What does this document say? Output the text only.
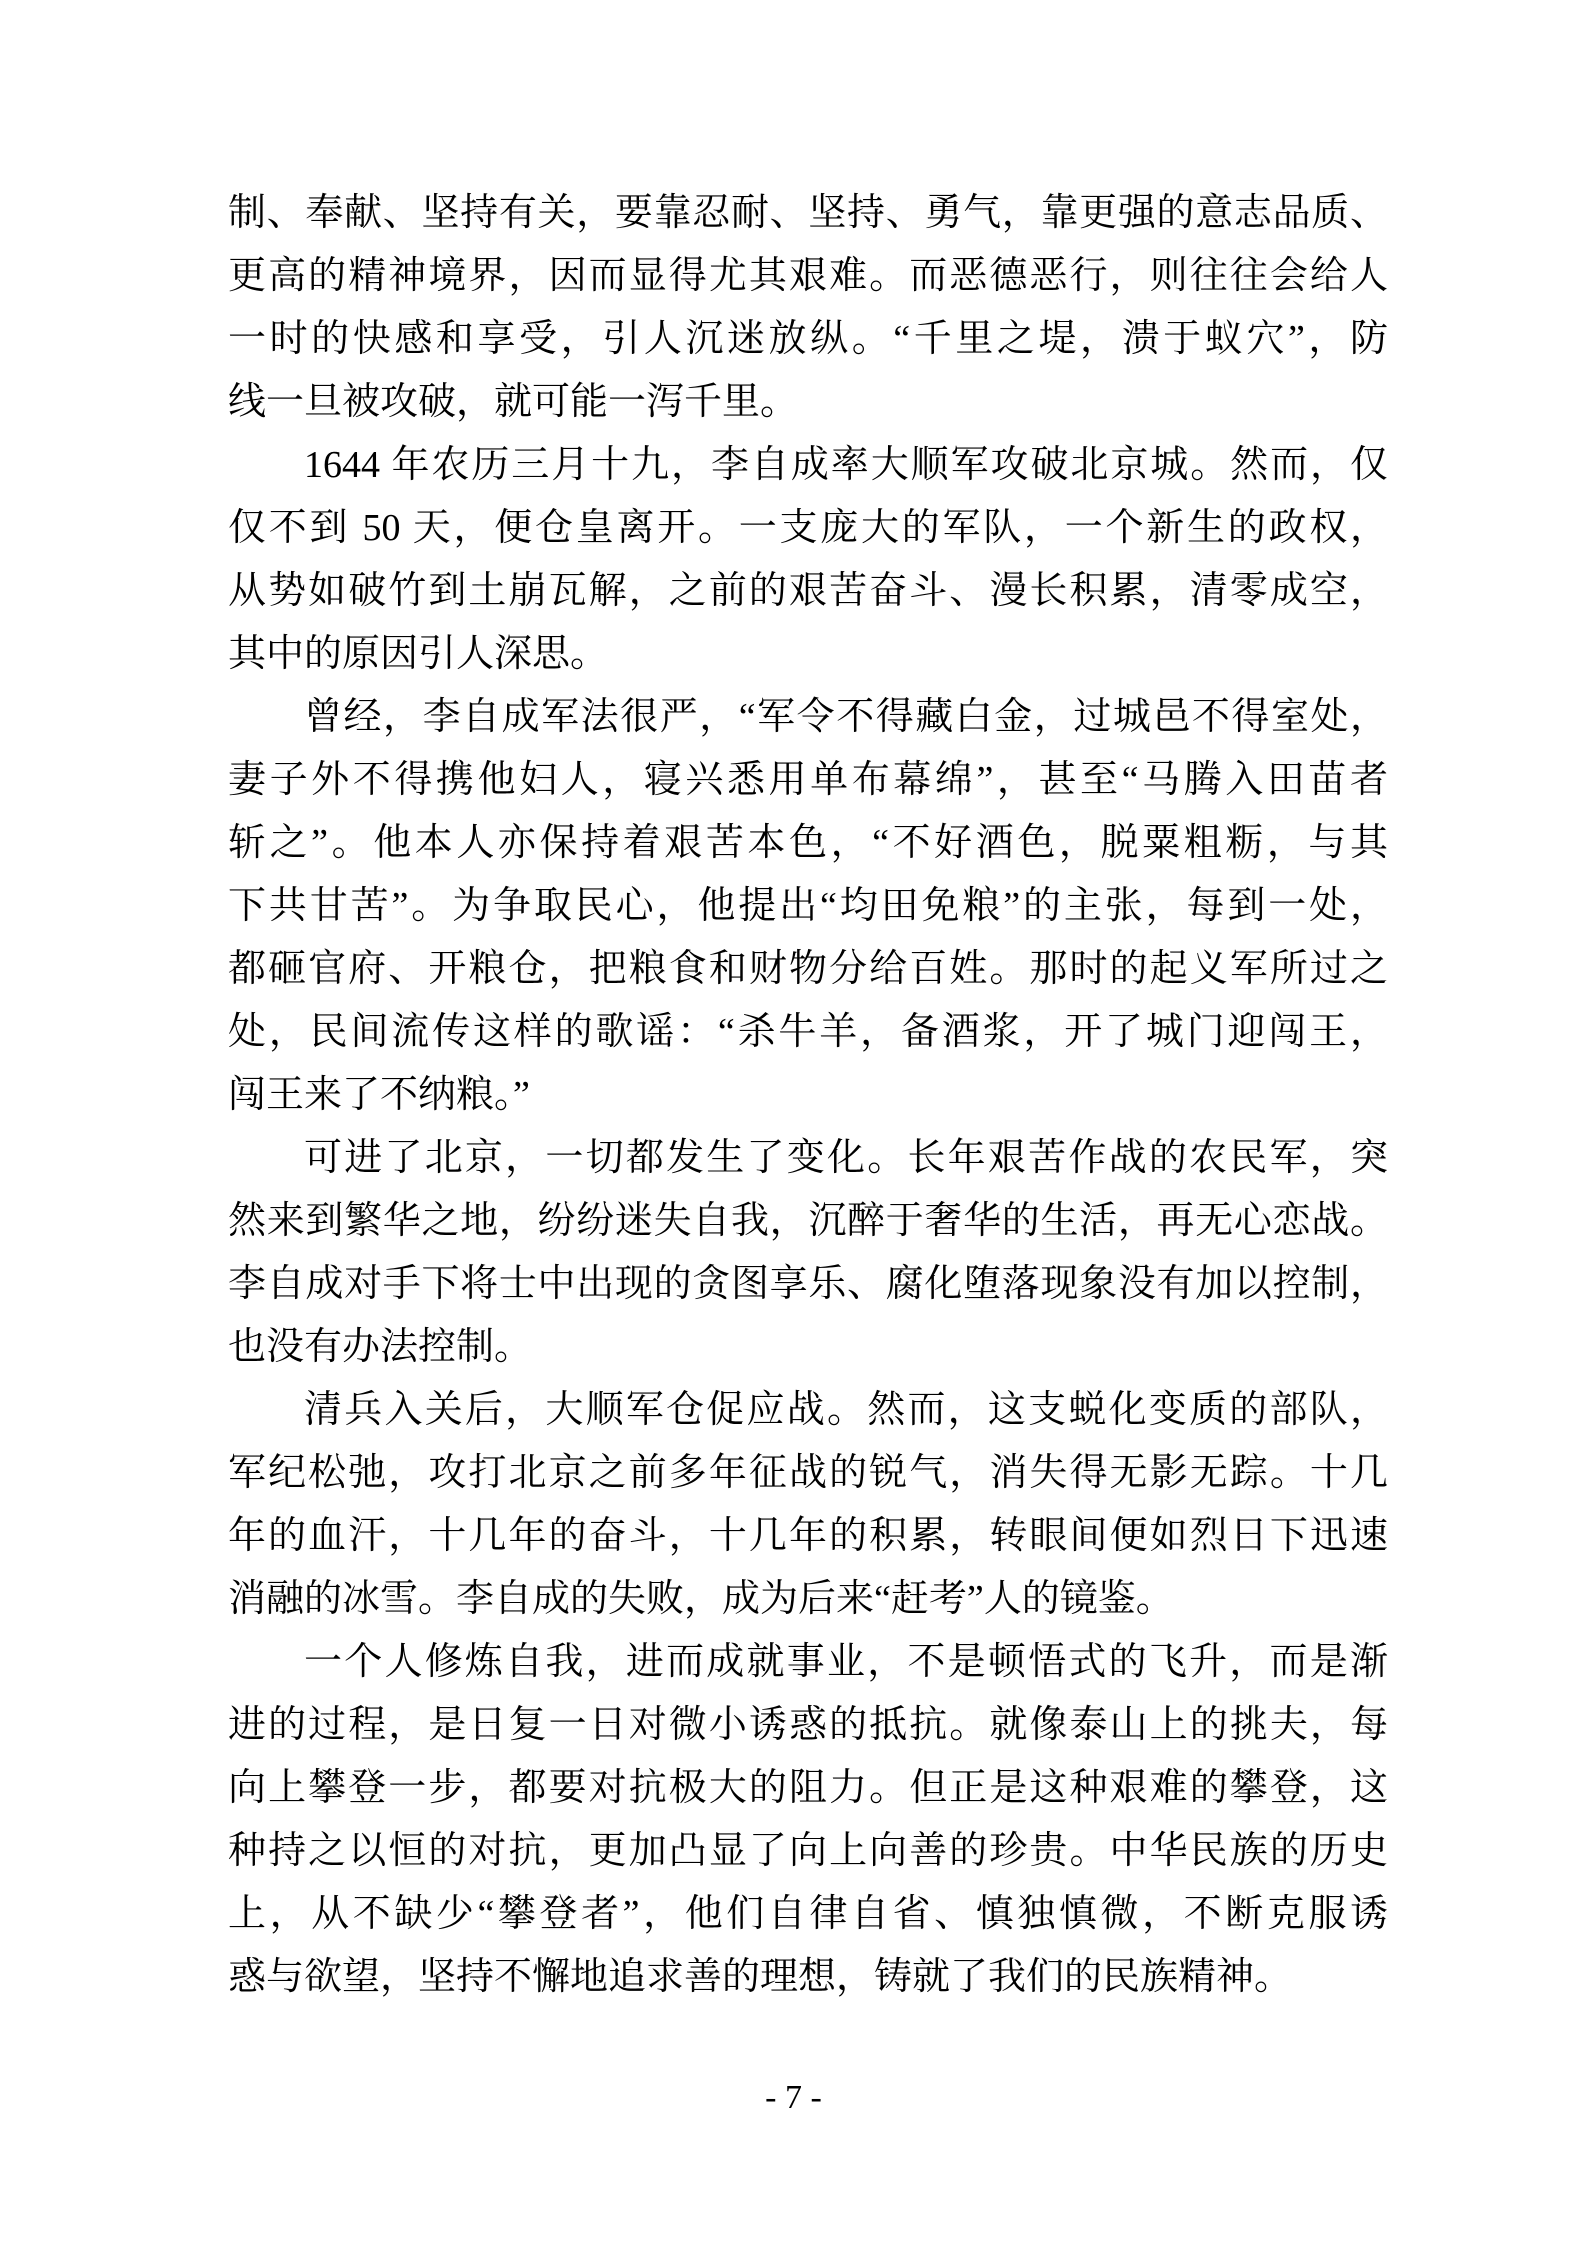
制、奉献、坚持有关，要靠忍耐、坚持、勇气，靠更强的意志品质、
更高的精神境界，因而显得尤其艰难。而恶德恶行，则往往会给人
一时的快感和享受，引人沉迷放纵。“千里之堤，溃于蚁穴”，防
线一旦被攻破，就可能一泻千里。
1644 年农历三月十九，李自成率大顺军攻破北京城。然而，仅
仅不到 50 天，便仓皇离开。一支庞大的军队，一个新生的政权，
从势如破竹到土崩瓦解，之前的艰苦奋斗、漫长积累，清零成空，
其中的原因引人深思。
曾经，李自成军法很严，“军令不得藏白金，过城邑不得室处，
妻子外不得携他妇人，寝兴悉用单布幕绵”，甚至“马腾入田苗者
斩之”。他本人亦保持着艰苦本色，“不好酒色，脱粟粗粝，与其
下共甘苦”。为争取民心，他提出“均田免粮”的主张，每到一处，
都砸官府、开粮仓，把粮食和财物分给百姓。那时的起义军所过之
处，民间流传这样的歌谣：“杀牛羊，备酒浆，开了城门迎闯王，
闯王来了不纳粮。”
可进了北京，一切都发生了变化。长年艰苦作战的农民军，突
然来到繁华之地，纷纷迷失自我，沉醉于奢华的生活，再无心恋战。
李自成对手下将士中出现的贪图享乐、腐化堕落现象没有加以控制，
也没有办法控制。
清兵入关后，大顺军仓促应战。然而，这支蜕化变质的部队，
军纪松弛，攻打北京之前多年征战的锐气，消失得无影无踪。十几
年的血汗，十几年的奋斗，十几年的积累，转眼间便如烈日下迅速
消融的冰雪。李自成的失败，成为后来“赶考”人的镜鉴。
一个人修炼自我，进而成就事业，不是顿悟式的飞升，而是渐
进的过程，是日复一日对微小诱惑的抵抗。就像泰山上的挑夫，每
向上攀登一步，都要对抗极大的阻力。但正是这种艰难的攀登，这
种持之以恒的对抗，更加凸显了向上向善的珍贵。中华民族的历史
上，从不缺少“攀登者”，他们自律自省、慎独慎微，不断克服诱
惑与欲望，坚持不懈地追求善的理想，铸就了我们的民族精神。
- 7 -
